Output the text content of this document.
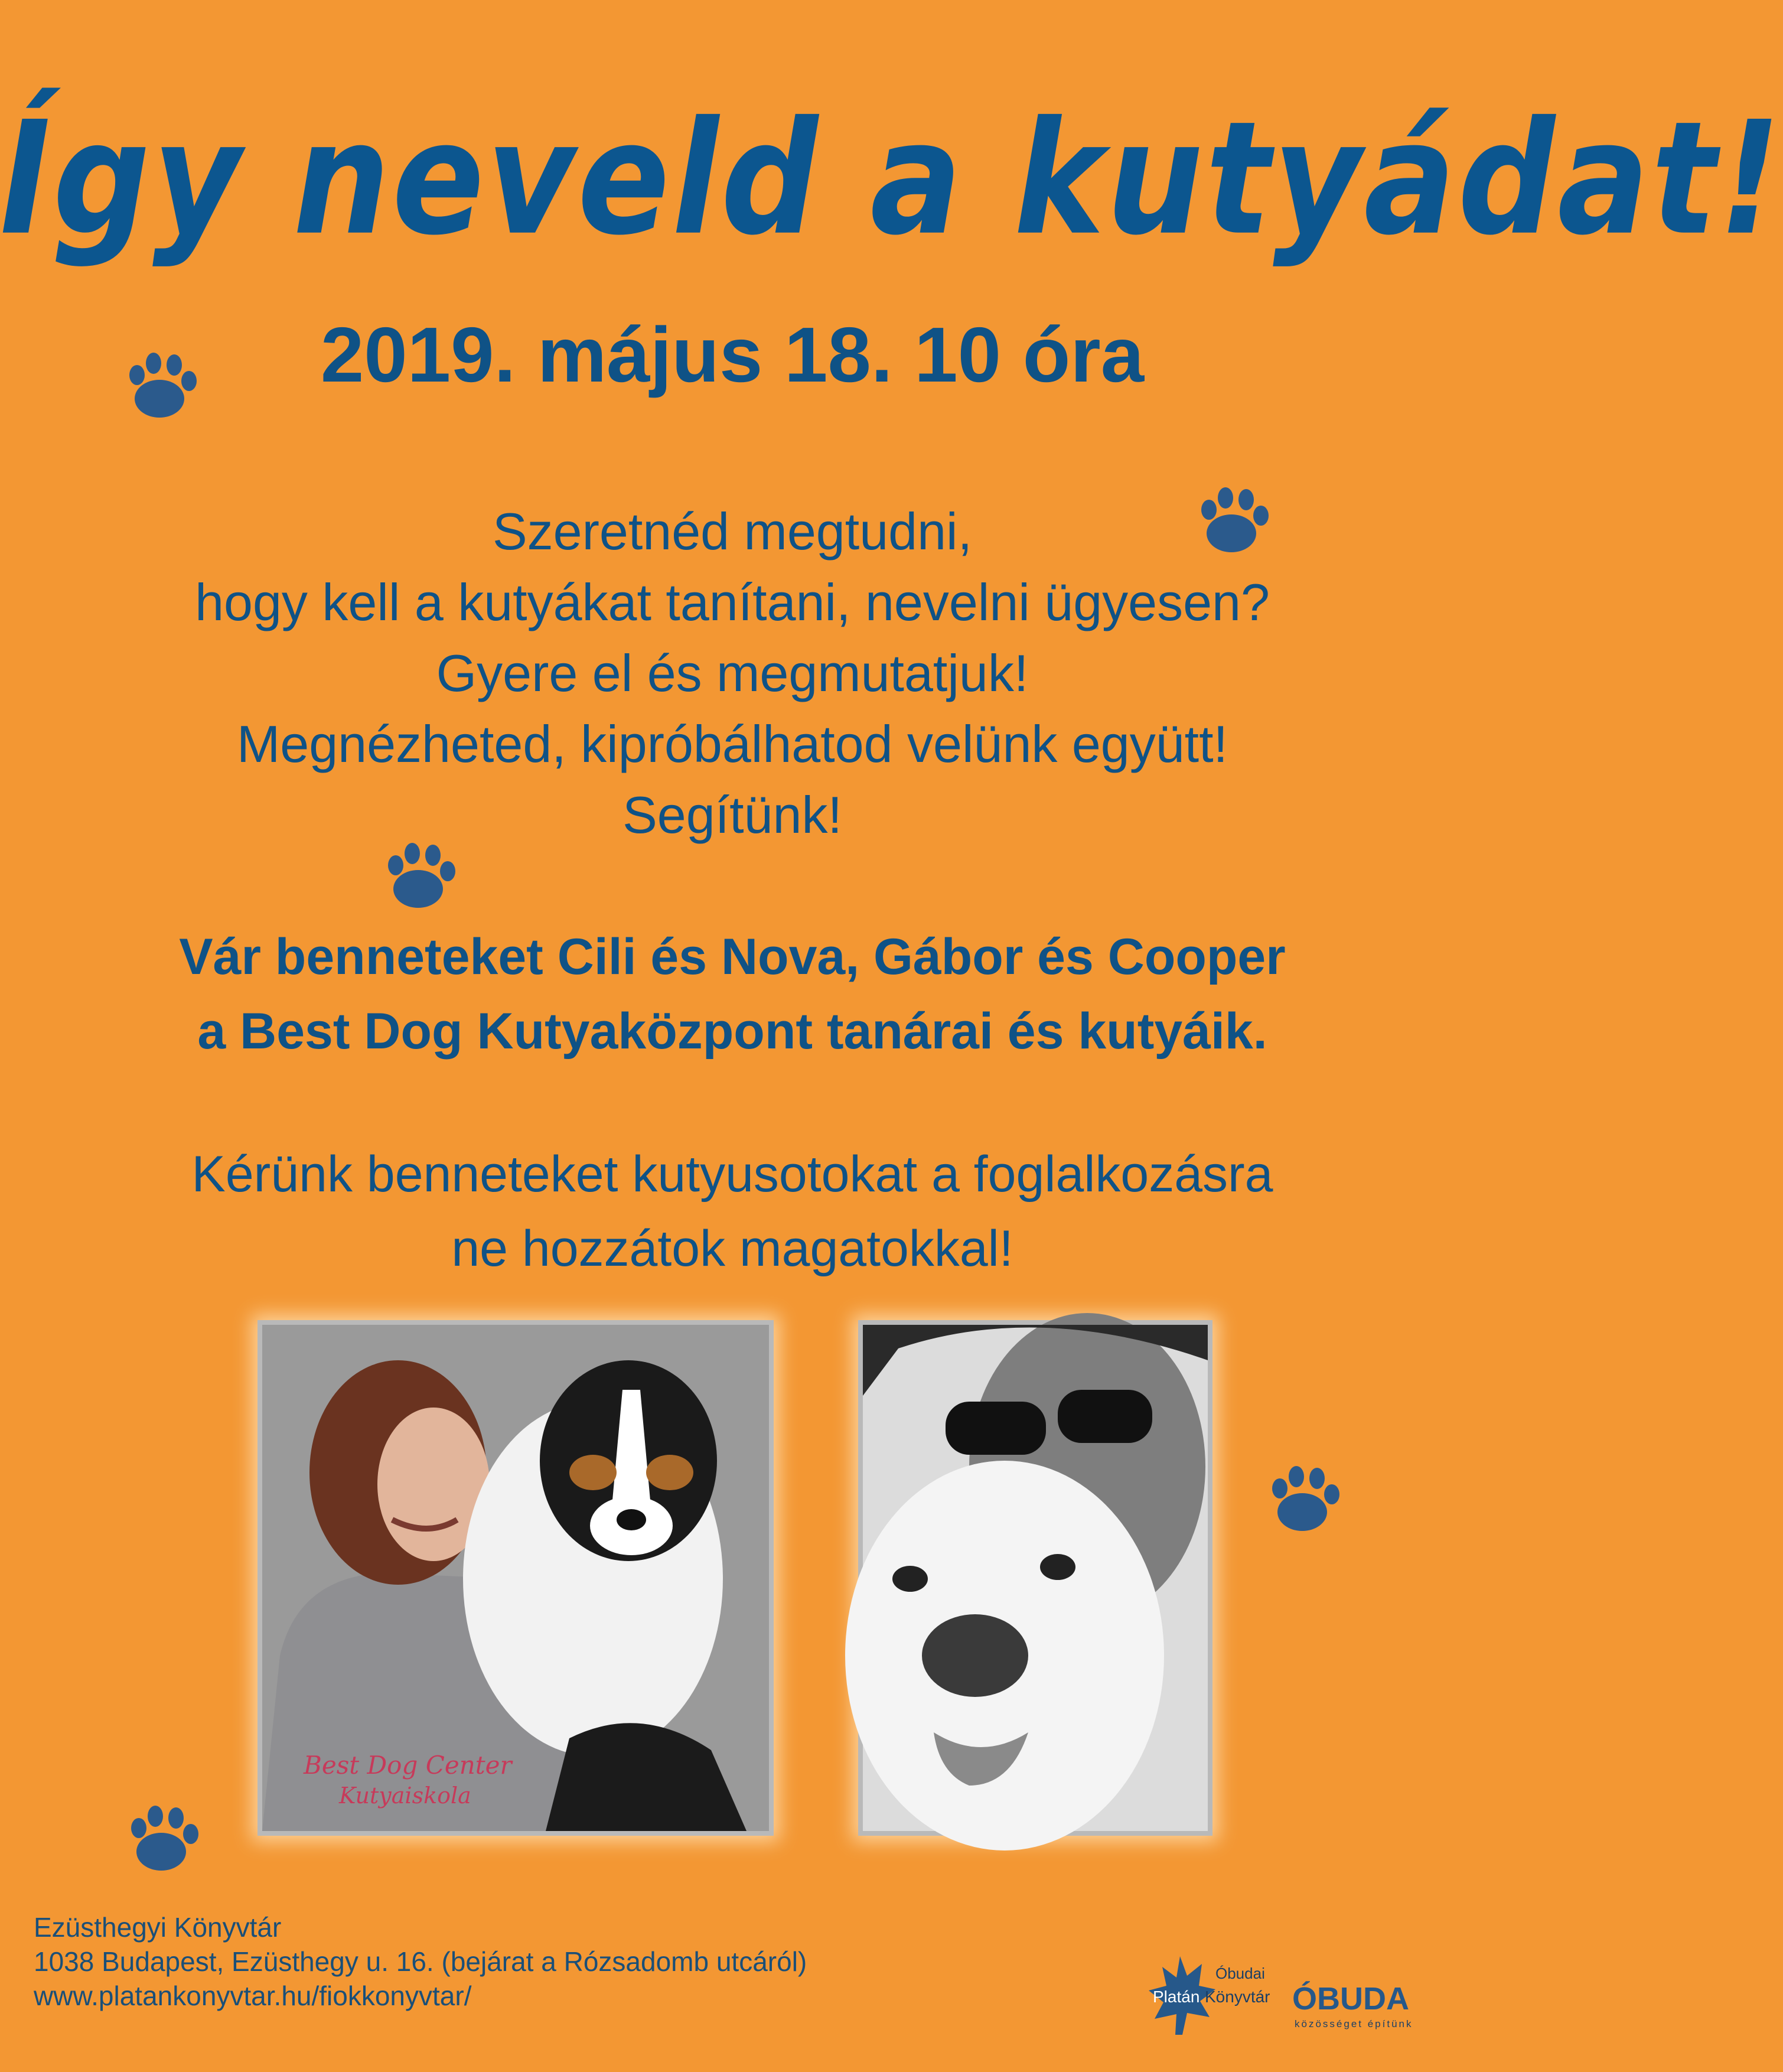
Így neveld a kutyádat!
2019. május 18. 10 óra
Szeretnéd megtudni,
hogy kell a kutyákat tanítani, nevelni ügyesen?
Gyere el és megmutatjuk!
Megnézheted, kipróbálhatod velünk együtt!
Segítünk!
Vár benneteket Cili és Nova, Gábor és Cooper
a Best Dog Kutyaközpont tanárai és kutyáik.
Kérünk benneteket kutyusotokat a foglalkozásra
ne hozzátok magatokkal!
Best Dog Center
Kutyaiskola
Ezüsthegyi Könyvtár
1038 Budapest, Ezüsthegy u. 16. (bejárat a Rózsadomb utcáról)
www.platankonyvtar.hu/fiokkonyvtar/
Óbudai
Platán Könyvtár ÓBUDA
közösséget építünk
